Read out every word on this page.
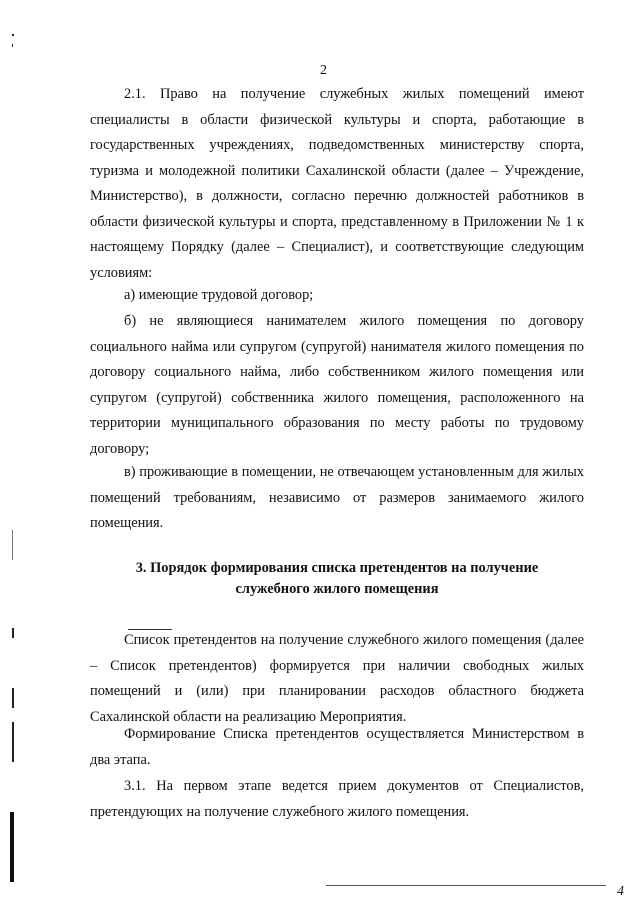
2

2.1. Право на получение служебных жилых помещений имеют специалисты в области физической культуры и спорта, работающие в государственных учреждениях, подведомственных министерству спорта, туризма и молодежной политики Сахалинской области (далее – Учреждение, Министерство), в должности, согласно перечню должностей работников в области физической культуры и спорта, представленному в Приложении № 1 к настоящему Порядку (далее – Специалист), и соответствующие следующим условиям:

а) имеющие трудовой договор;

б) не являющиеся нанимателем жилого помещения по договору социального найма или супругом (супругой) нанимателя жилого помещения по договору социального найма, либо собственником жилого помещения или супругом (супругой) собственника жилого помещения, расположенного на территории муниципального образования по месту работы по трудовому договору;

в) проживающие в помещении, не отвечающем установленным для жилых помещений требованиям, независимо от размеров занимаемого жилого помещения.

3. Порядок формирования списка претендентов на получение
служебного жилого помещения

Список претендентов на получение служебного жилого помещения (далее – Список претендентов) формируется при наличии свободных жилых помещений и (или) при планировании расходов областного бюджета Сахалинской области на реализацию Мероприятия.

Формирование Списка претендентов осуществляется Министерством в два этапа.

3.1. На первом этапе ведется прием документов от Специалистов, претендующих на получение служебного жилого помещения.

4
